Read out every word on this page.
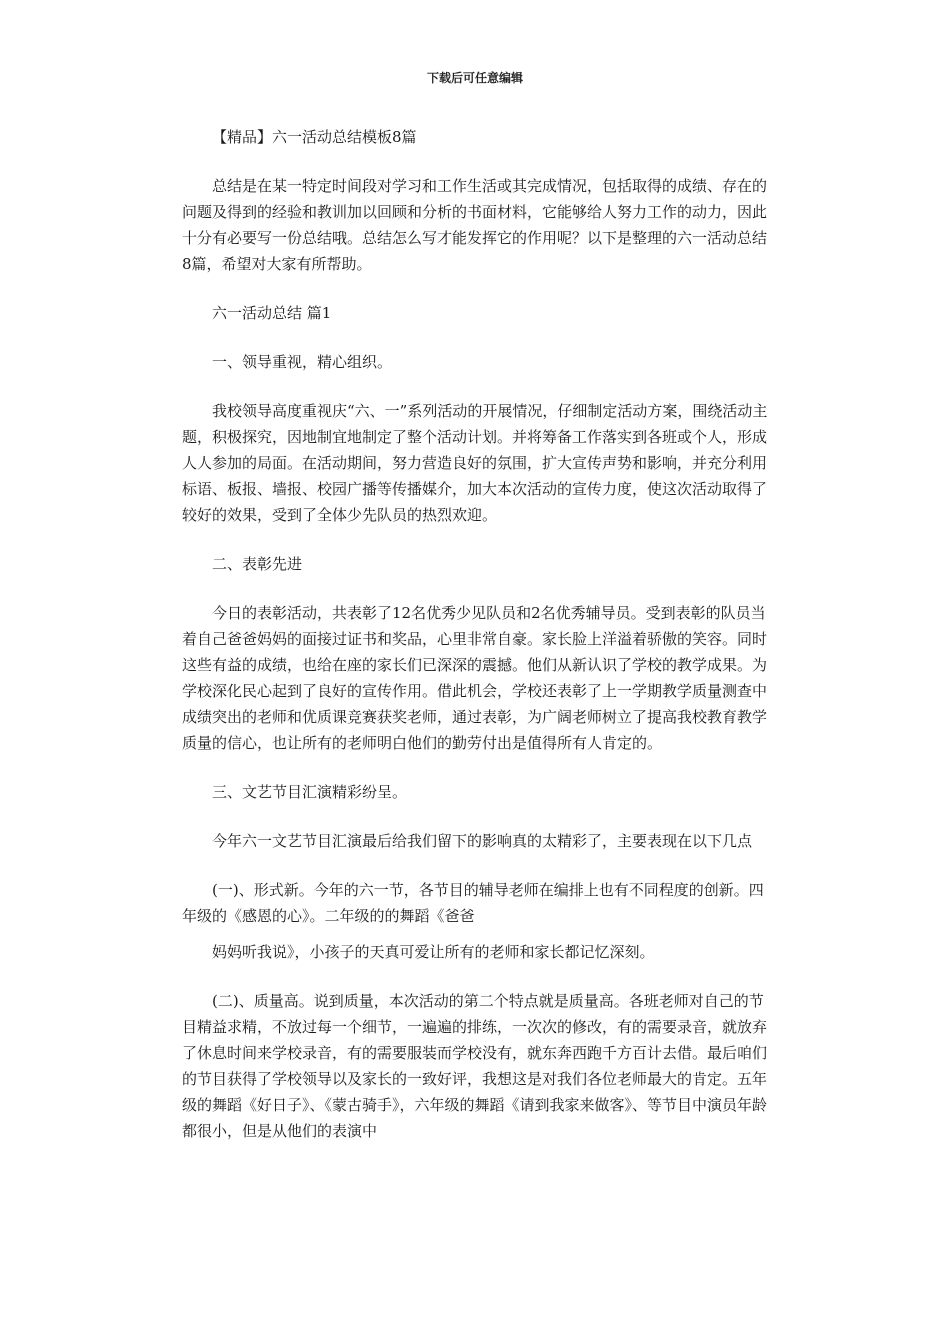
下载后可任意编辑

【精品】六一活动总结模板8篇

总结是在某一特定时间段对学习和工作生活或其完成情况，包括取得的成绩、存在的问题及得到的经验和教训加以回顾和分析的书面材料，它能够给人努力工作的动力，因此十分有必要写一份总结哦。总结怎么写才能发挥它的作用呢？以下是整理的六一活动总结8篇，希望对大家有所帮助。

六一活动总结 篇1

一、领导重视，精心组织。

我校领导高度重视庆“六、一”系列活动的开展情况，仔细制定活动方案，围绕活动主题，积极探究，因地制宜地制定了整个活动计划。并将筹备工作落实到各班或个人，形成人人参加的局面。在活动期间，努力营造良好的氛围，扩大宣传声势和影响，并充分利用标语、板报、墙报、校园广播等传播媒介，加大本次活动的宣传力度，使这次活动取得了较好的效果，受到了全体少先队员的热烈欢迎。

二、表彰先进

今日的表彰活动，共表彰了12名优秀少见队员和2名优秀辅导员。受到表彰的队员当着自己爸爸妈妈的面接过证书和奖品，心里非常自豪。家长脸上洋溢着骄傲的笑容。同时这些有益的成绩，也给在座的家长们已深深的震撼。他们从新认识了学校的教学成果。为学校深化民心起到了良好的宣传作用。借此机会，学校还表彰了上一学期教学质量测查中成绩突出的老师和优质课竞赛获奖老师，通过表彰，为广阔老师树立了提高我校教育教学质量的信心，也让所有的老师明白他们的勤劳付出是值得所有人肯定的。

三、文艺节目汇演精彩纷呈。

今年六一文艺节目汇演最后给我们留下的影响真的太精彩了，主要表现在以下几点

(一)、形式新。今年的六一节，各节目的辅导老师在编排上也有不同程度的创新。四年级的《感恩的心》。二年级的的舞蹈《爸爸

妈妈听我说》，小孩子的天真可爱让所有的老师和家长都记忆深刻。

(二)、质量高。说到质量，本次活动的第二个特点就是质量高。各班老师对自己的节目精益求精，不放过每一个细节，一遍遍的排练，一次次的修改，有的需要录音，就放弃了休息时间来学校录音，有的需要服装而学校没有，就东奔西跑千方百计去借。最后咱们的节目获得了学校领导以及家长的一致好评，我想这是对我们各位老师最大的肯定。五年级的舞蹈《好日子》、《蒙古骑手》，六年级的舞蹈《请到我家来做客》、等节目中演员年龄都很小，但是从他们的表演中
